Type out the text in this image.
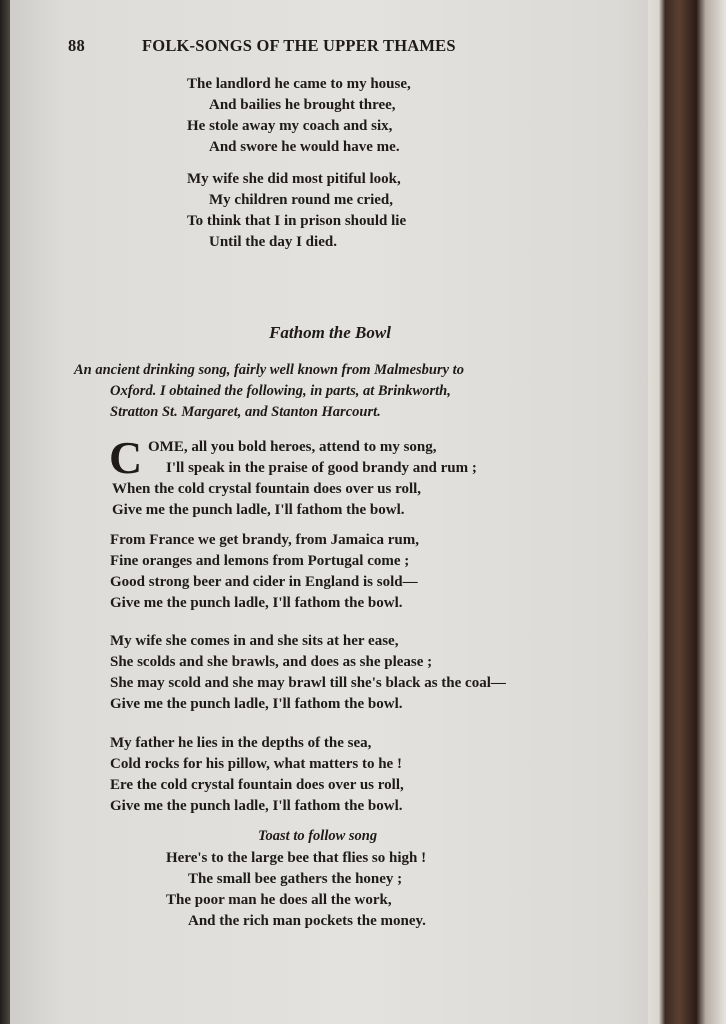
88	FOLK-SONGS OF THE UPPER THAMES
The landlord he came to my house,
And bailies he brought three,
He stole away my coach and six,
And swore he would have me.
My wife she did most pitiful look,
My children round me cried,
To think that I in prison should lie
Until the day I died.
Fathom the Bowl
An ancient drinking song, fairly well known from Malmesbury to
Oxford. I obtained the following, in parts, at Brinkworth,
Stratton St. Margaret, and Stanton Harcourt.
C OME, all you bold heroes, attend to my song,
I'll speak in the praise of good brandy and rum ;
When the cold crystal fountain does over us roll,
Give me the punch ladle, I'll fathom the bowl.
From France we get brandy, from Jamaica rum,
Fine oranges and lemons from Portugal come ;
Good strong beer and cider in England is sold—
Give me the punch ladle, I'll fathom the bowl.
My wife she comes in and she sits at her ease,
She scolds and she brawls, and does as she please ;
She may scold and she may brawl till she's black as the coal—
Give me the punch ladle, I'll fathom the bowl.
My father he lies in the depths of the sea,
Cold rocks for his pillow, what matters to he !
Ere the cold crystal fountain does over us roll,
Give me the punch ladle, I'll fathom the bowl.
Toast to follow song
Here's to the large bee that flies so high !
The small bee gathers the honey ;
The poor man he does all the work,
And the rich man pockets the money.
